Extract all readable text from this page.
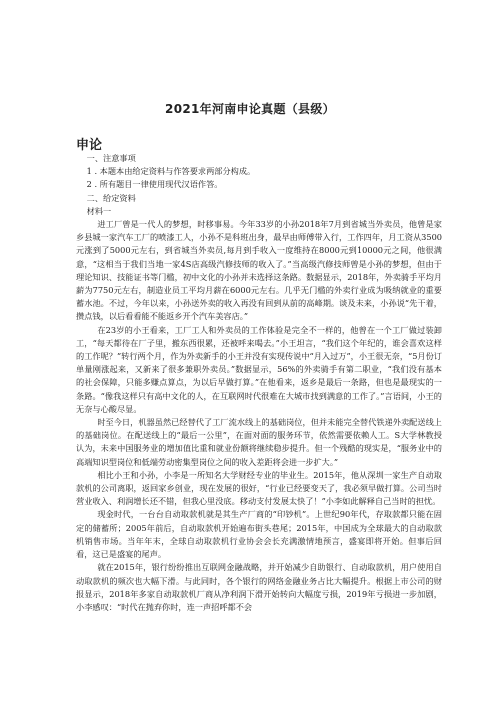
2021年河南申论真题（县级）
申论

一、注意事项

1 . 本题本由给定资料与作答要求两部分构成。

2 . 所有题目一律使用现代汉语作答。

二、给定资料

材料一

进工厂曾是一代人的梦想，时移事易。今年33岁的小孙2018年7月到省城当外卖员，他曾是家乡县城一家汽车工厂的喷漆工人，小孙不是科班出身，最早由师傅带入行，工作四年，月工资从3500元涨到了5000元左右，到省城当外卖员,每月到手收入一度维持在8000元到10000元之间，他很满意，“这相当于我们当地一家4S店高级汽修技师的收入了。”当高级汽修技师曾是小孙的梦想，但由于理论知识、技能证书等门槛，初中文化的小孙并未选择这条路。数据显示，2018年，外卖骑手平均月薪为7750元左右，制造业员工平均月薪在6000元左右。几乎无门槛的外卖行业成为吸纳就业的重要蓄水池。不过，今年以来，小孙送外卖的收入再没有回到从前的高峰期。谈及未来，小孙说“先干着，攒点钱，以后看看能不能返乡开个汽车美容店。”

在23岁的小王看来，工厂工人和外卖员的工作体验是完全不一样的，他曾在一个工厂做过装卸工，“每天都待在厂子里，搬东西很累，还被呼来喝去。”小王坦言，“我们这个年纪的，谁会喜欢这样的工作呢？”转行两个月，作为外卖新手的小王并没有实现传说中“月入过万”，小王很无奈，“5月份订单量刚涨起来，又新来了很多兼职外卖员。”数据显示，56%的外卖骑手有第二职业，“我们没有基本的社会保障，只能多赚点算点，为以后早做打算。”在他看来，返乡是最后一条路，但也是最现实的一条路。“像我这样只有高中文化的人，在互联网时代很难在大城市找到满意的工作了。”言语间，小王的无奈与心酸尽显。

时至今日，机器虽然已经替代了工厂流水线上的基础岗位，但并未能完全替代铁递外卖配送线上的基础岗位。在配送线上的“最后一公里”，在面对面的服务环节，依然需要依赖人工。S大学林教授认为，未来中国服务业的增加值比重和就业份额将继续稳步提升。但一个残酷的现实是，“服务业中的高端知识型岗位和低端劳动密集型岗位之间的收入差距将会进一步扩大。”

相比小王和小孙，小李是一所知名大学财经专业的毕业生。2015年，他从深圳一家生产自动取款机的公司离职，返回家乡创业，现在发展的很好，“行业已经要变天了，我必须早做打算。公司当时营业收入、利润增长还不错，但我心里没底。移动支付发展太快了！”小李如此解释自己当时的担忧。

现金时代，一台台自动取款机就是其生产厂商的“印钞机”。上世纪90年代，存取款都只能在固定的储蓄所；2005年前后，自动取款机开始遍布街头巷尾；2015年，中国成为全球最大的自动取款机销售市场。当年年末，全球自动取款机行业协会会长充满激情地预言，盛宴即将开始。但事后回看，这已是盛宴的尾声。

就在2015年，银行纷纷推出互联网金融战略，并开始减少自助银行、自动取款机，用户使用自动取款机的频次也大幅下滑。与此同时，各个银行的网络金融业务占比大幅提升。根据上市公司的财报显示，2018年多家自动取款机厂商从净利润下滑开始转向大幅度亏损，2019年亏损进一步加剧，小李感叹：“时代在抛弃你时，连一声招呼都不会
